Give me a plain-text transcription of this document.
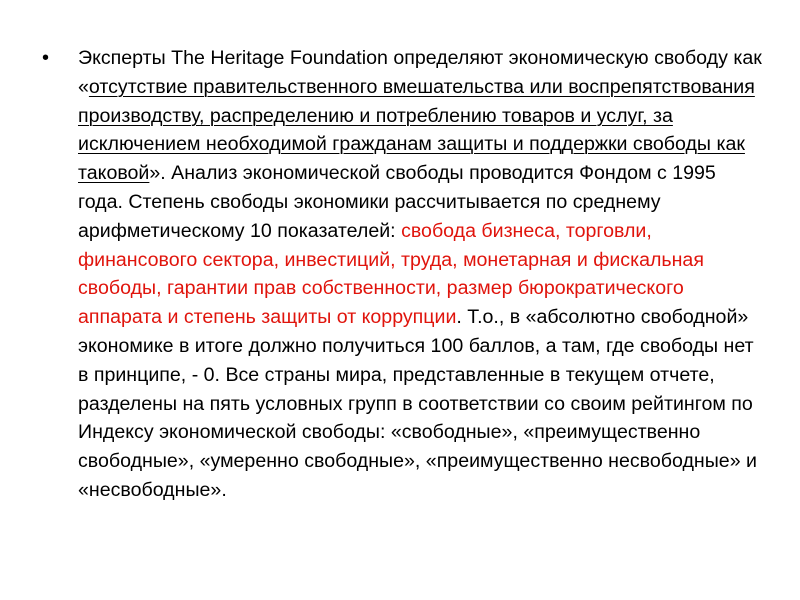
•	Эксперты The Heritage Foundation определяют экономическую свободу как «отсутствие правительственного вмешательства или воспрепятствования производству, распределению и потреблению товаров и услуг, за исключением необходимой гражданам защиты и поддержки свободы как таковой». Анализ экономической свободы проводится Фондом с 1995 года. Степень свободы экономики рассчитывается по среднему арифметическому 10 показателей: свобода бизнеса, торговли, финансового сектора, инвестиций, труда, монетарная и фискальная свободы, гарантии прав собственности, размер бюрократического аппарата и степень защиты от коррупции. Т.о., в «абсолютно свободной» экономике в итоге должно получиться 100 баллов, а там, где свободы нет в принципе, - 0. Все страны мира, представленные в текущем отчете, разделены на пять условных групп в соответствии со своим рейтингом по Индексу экономической свободы: «свободные», «преимущественно свободные», «умеренно свободные», «преимущественно несвободные» и «несвободные».
